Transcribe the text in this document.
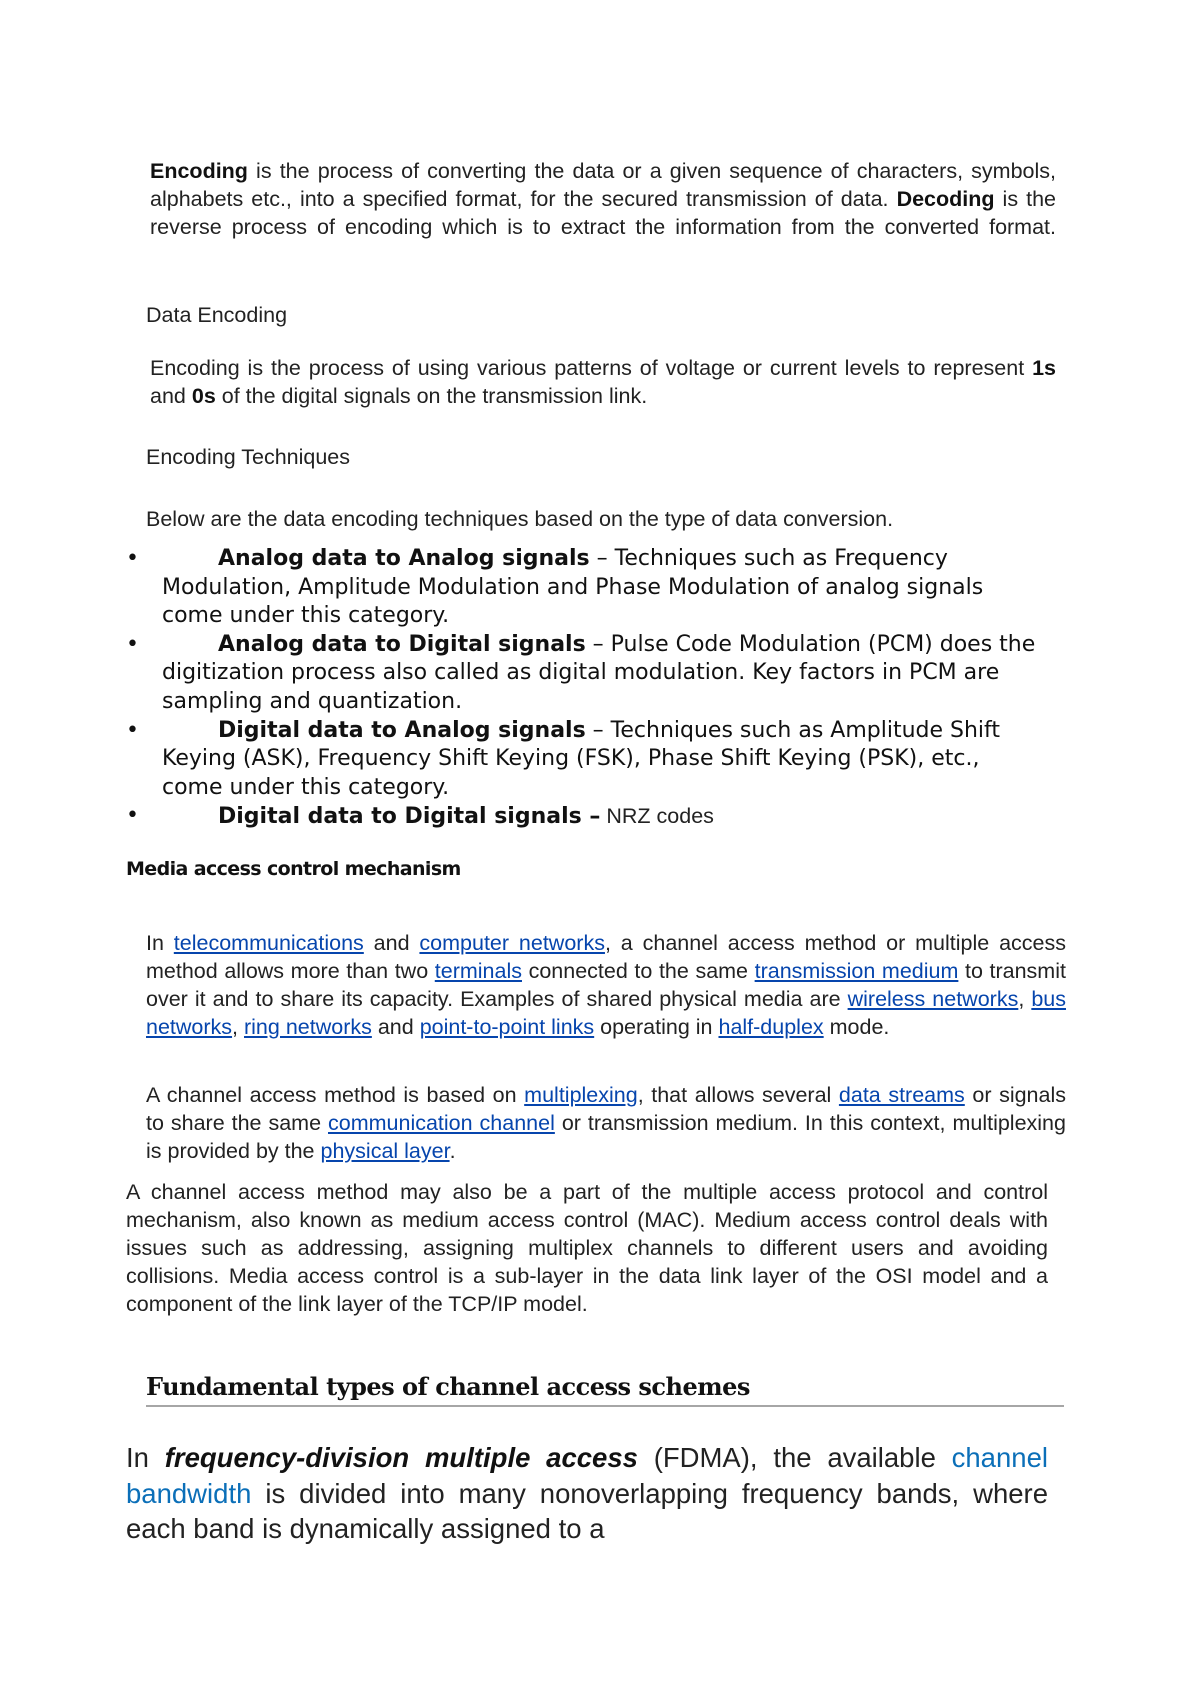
Encoding is the process of converting the data or a given sequence of characters, symbols, alphabets etc., into a specified format, for the secured transmission of data. Decoding is the reverse process of encoding which is to extract the information from the converted format.

Data Encoding

Encoding is the process of using various patterns of voltage or current levels to represent 1s and 0s of the digital signals on the transmission link.

Encoding Techniques
Below are the data encoding techniques based on the type of data conversion.
•	Analog data to Analog signals – Techniques such as Frequency Modulation, Amplitude Modulation and Phase Modulation of analog signals come under this category.
•	Analog data to Digital signals – Pulse Code Modulation (PCM) does the digitization process also called as digital modulation. Key factors in PCM are sampling and quantization.
•	Digital data to Analog signals – Techniques such as Amplitude Shift Keying (ASK), Frequency Shift Keying (FSK), Phase Shift Keying (PSK), etc., come under this category.
•	Digital data to Digital signals – NRZ codes
Media access control mechanism

In telecommunications and computer networks, a channel access method or multiple access method allows more than two terminals connected to the same transmission medium to transmit over it and to share its capacity. Examples of shared physical media are wireless networks, bus networks, ring networks and point-to-point links operating in half-duplex mode.

A channel access method is based on multiplexing, that allows several data streams or signals to share the same communication channel or transmission medium. In this context, multiplexing is provided by the physical layer.

A channel access method may also be a part of the multiple access protocol and control mechanism, also known as medium access control (MAC). Medium access control deals with issues such as addressing, assigning multiplex channels to different users and avoiding collisions. Media access control is a sub-layer in the data link layer of the OSI model and a component of the link layer of the TCP/IP model.

Fundamental types of channel access schemes

In frequency-division multiple access (FDMA), the available channel bandwidth is divided into many nonoverlapping frequency bands, where each band is dynamically assigned to a
